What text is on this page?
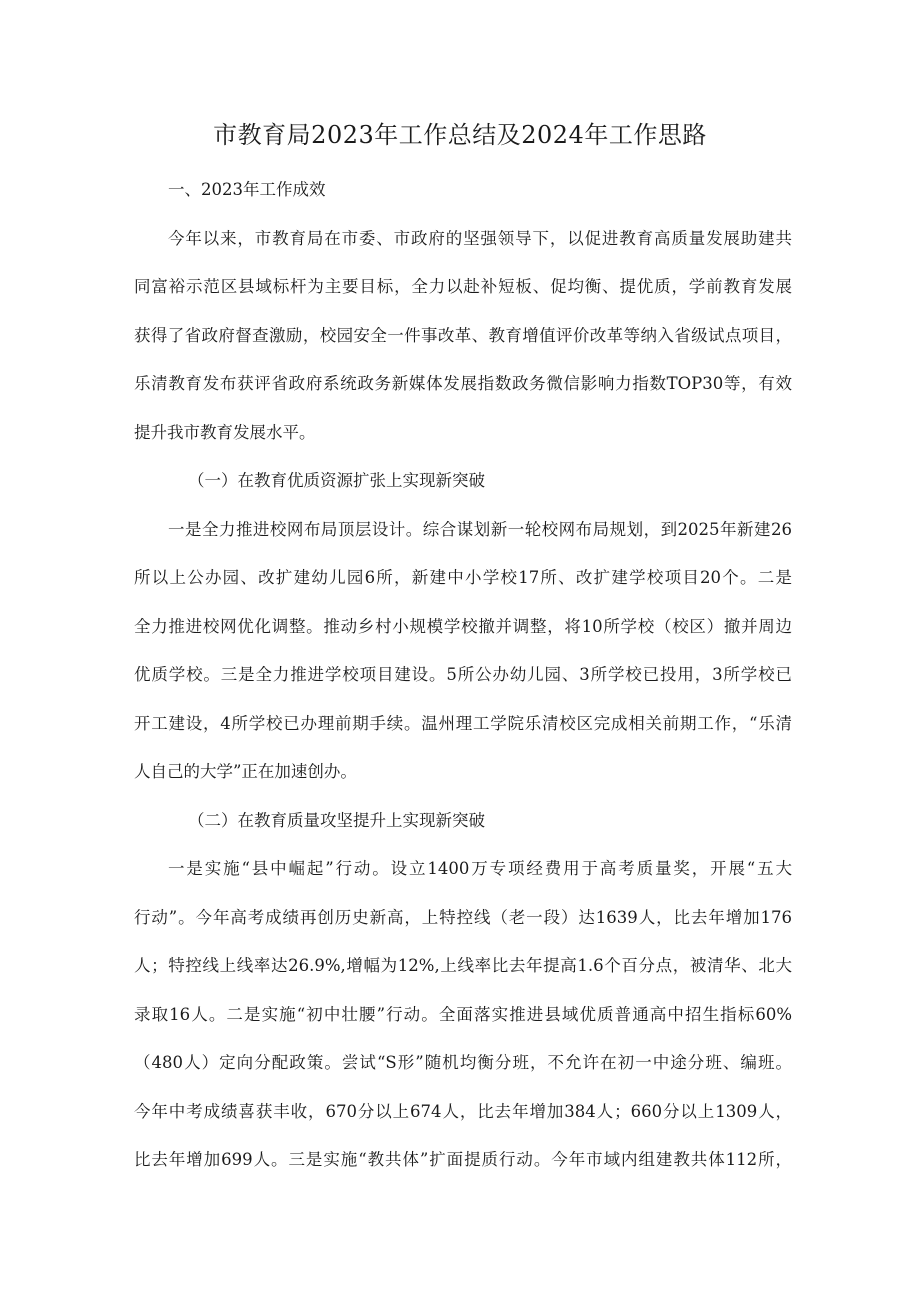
市教育局2023年工作总结及2024年工作思路
一、2023年工作成效
今年以来，市教育局在市委、市政府的坚强领导下，以促进教育高质量发展助建共
同富裕示范区县域标杆为主要目标，全力以赴补短板、促均衡、提优质，学前教育发展
获得了省政府督查激励，校园安全一件事改革、教育增值评价改革等纳入省级试点项目，
乐清教育发布获评省政府系统政务新媒体发展指数政务微信影响力指数TOP30等，有效
提升我市教育发展水平。
（一）在教育优质资源扩张上实现新突破
一是全力推进校网布局顶层设计。综合谋划新一轮校网布局规划，到2025年新建26
所以上公办园、改扩建幼儿园6所，新建中小学校17所、改扩建学校项目20个。二是
全力推进校网优化调整。推动乡村小规模学校撤并调整，将10所学校（校区）撤并周边
优质学校。三是全力推进学校项目建设。5所公办幼儿园、3所学校已投用，3所学校已
开工建设，4所学校已办理前期手续。温州理工学院乐清校区完成相关前期工作，“乐清
人自己的大学”正在加速创办。
（二）在教育质量攻坚提升上实现新突破
一是实施“县中崛起”行动。设立1400万专项经费用于高考质量奖，开展“五大
行动”。今年高考成绩再创历史新高，上特控线（老一段）达1639人，比去年增加176
人；特控线上线率达26.9%,增幅为12%,上线率比去年提高1.6个百分点，被清华、北大
录取16人。二是实施“初中壮腰”行动。全面落实推进县域优质普通高中招生指标60%
（480人）定向分配政策。尝试“S形”随机均衡分班，不允许在初一中途分班、编班。
今年中考成绩喜获丰收，670分以上674人，比去年增加384人；660分以上1309人，
比去年增加699人。三是实施“教共体”扩面提质行动。今年市域内组建教共体112所，
